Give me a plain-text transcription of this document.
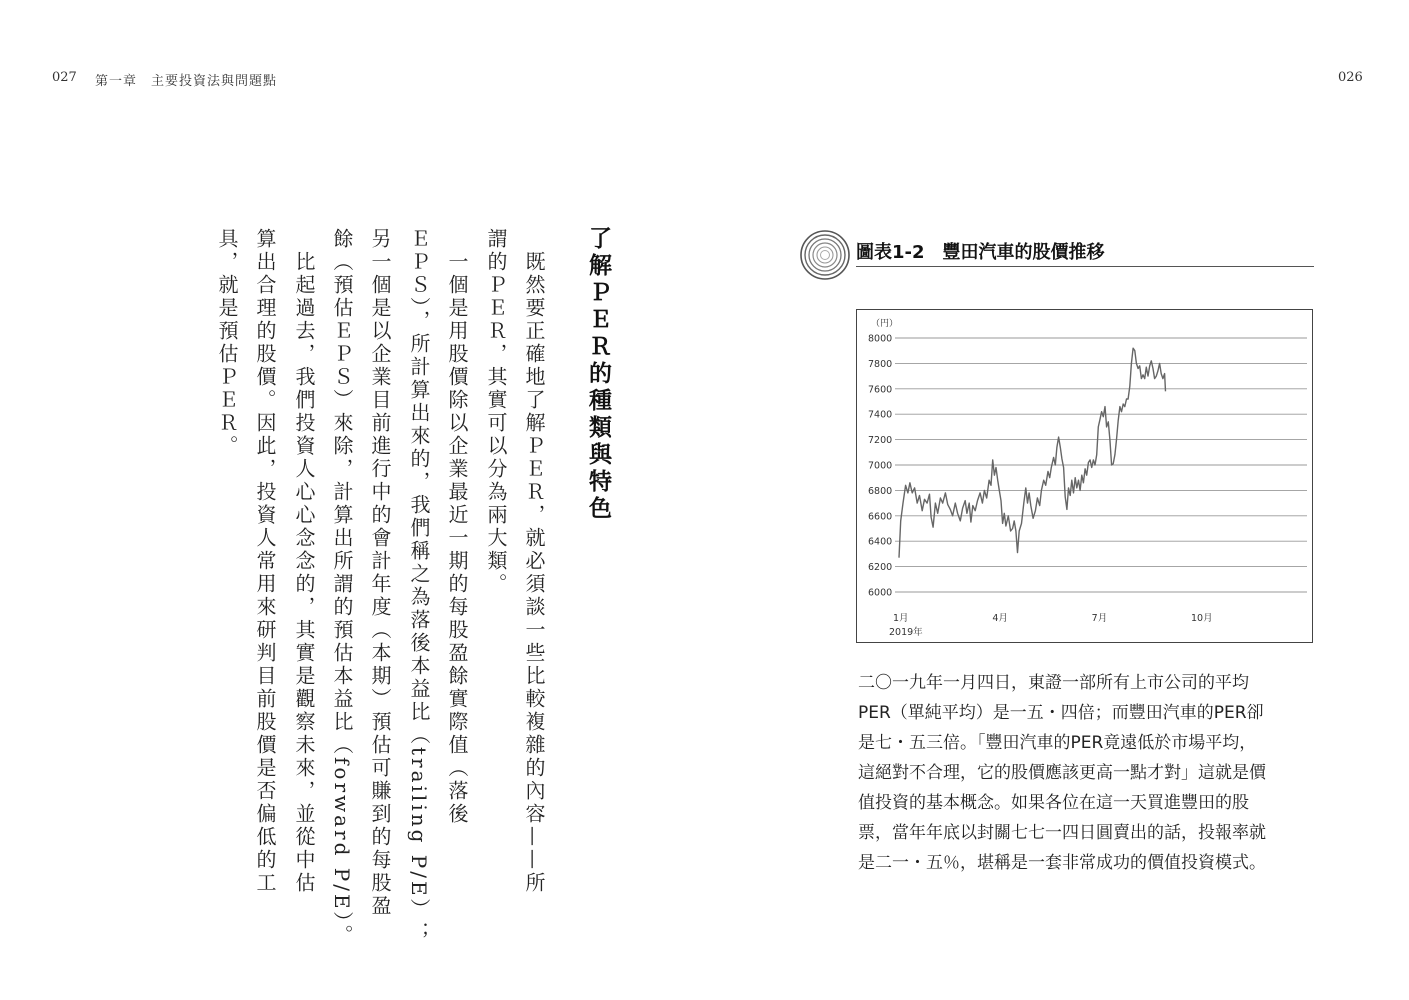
027 第一章　主要投資法與問題點	026
了解ＰＥＲ的種類與特色
　既然要正確地了解ＰＥＲ，就必須談一些比較複雜的內容——所
謂的ＰＥＲ，其實可以分為兩大類。
　一個是用股價除以企業最近一期的每股盈餘實際值（落後
ＥＰＳ），所計算出來的，我們稱之為落後本益比（trailing P/E）；
另一個是以企業目前進行中的會計年度（本期）預估可賺到的每股盈
餘（預估ＥＰＳ）來除，計算出所謂的預估本益比（forward P/E）。
　比起過去，我們投資人心心念念的，其實是觀察未來，並從中估
算出合理的股價。因此，投資人常用來研判目前股價是否偏低的工
具，就是預估ＰＥＲ。	圖表1-2　豐田汽車的股價推移
8000
7800
7600
7400
7200
7000
6800
6600
6400
6200
6000
（円）
1月	4月	7月	10月
2019年
二〇一九年一月四日，東證一部所有上市公司的平均
PER（單純平均）是一五・四倍；而豐田汽車的PER卻
是七・五三倍。「豐田汽車的PER竟遠低於市場平均，
這絕對不合理，它的股價應該更高一點才對」這就是價
值投資的基本概念。如果各位在這一天買進豐田的股
票，當年年底以封關七七一四日圓賣出的話，投報率就
是二一・五％，堪稱是一套非常成功的價值投資模式。
